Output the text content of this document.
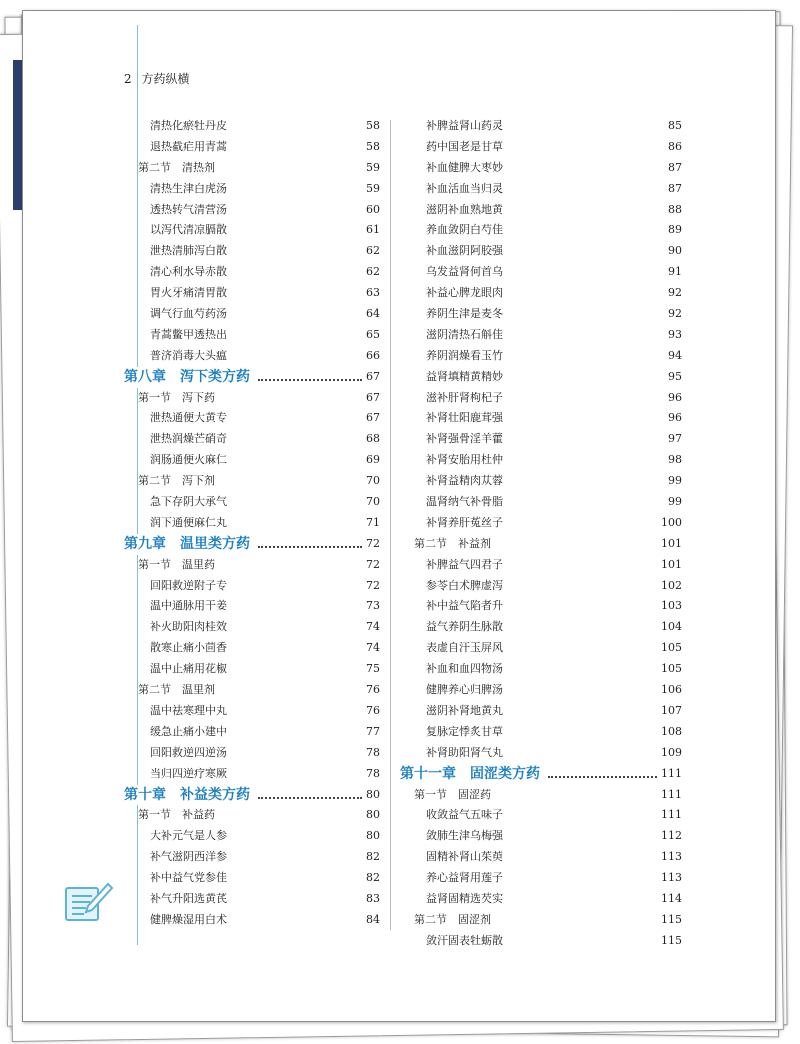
2 方药纵横
清热化瘀牡丹皮	58
退热截疟用青蒿	58
第二节　清热剂	59
清热生津白虎汤	59
透热转气清营汤	60
以泻代清凉膈散	61
泄热清肺泻白散	62
清心利水导赤散	62
胃火牙痛清胃散	63
调气行血芍药汤	64
青蒿鳖甲透热出	65
普济消毒大头瘟	66
第八章　泻下类方药	67
第一节　泻下药	67
泄热通便大黄专	67
泄热润燥芒硝奇	68
润肠通便火麻仁	69
第二节　泻下剂	70
急下存阴大承气	70
润下通便麻仁丸	71
第九章　温里类方药	72
第一节　温里药	72
回阳救逆附子专	72
温中通脉用干姜	73
补火助阳肉桂效	74
散寒止痛小茴香	74
温中止痛用花椒	75
第二节　温里剂	76
温中祛寒理中丸	76
缓急止痛小建中	77
回阳救逆四逆汤	78
当归四逆疗寒厥	78
第十章　补益类方药	80
第一节　补益药	80
大补元气是人参	80
补气滋阴西洋参	82
补中益气党参佳	82
补气升阳选黄芪	83
健脾燥湿用白术	84
补脾益肾山药灵	85
药中国老是甘草	86
补血健脾大枣妙	87
补血活血当归灵	87
滋阴补血熟地黄	88
养血敛阴白芍佳	89
补血滋阴阿胶强	90
乌发益肾何首乌	91
补益心脾龙眼肉	92
养阴生津是麦冬	92
滋阴清热石斛佳	93
养阴润燥看玉竹	94
益肾填精黄精妙	95
滋补肝肾枸杞子	96
补肾壮阳鹿茸强	96
补肾强骨淫羊藿	97
补肾安胎用杜仲	98
补肾益精肉苁蓉	99
温肾纳气补骨脂	99
补肾养肝菟丝子	100
第二节　补益剂	101
补脾益气四君子	101
参苓白术脾虚泻	102
补中益气陷者升	103
益气养阴生脉散	104
表虚自汗玉屏风	105
补血和血四物汤	105
健脾养心归脾汤	106
滋阴补肾地黄丸	107
复脉定悸炙甘草	108
补肾助阳肾气丸	109
第十一章　固涩类方药	111
第一节　固涩药	111
收敛益气五味子	111
敛肺生津乌梅强	112
固精补肾山茱萸	113
养心益肾用莲子	113
益肾固精选芡实	114
第二节　固涩剂	115
敛汗固表牡蛎散	115
